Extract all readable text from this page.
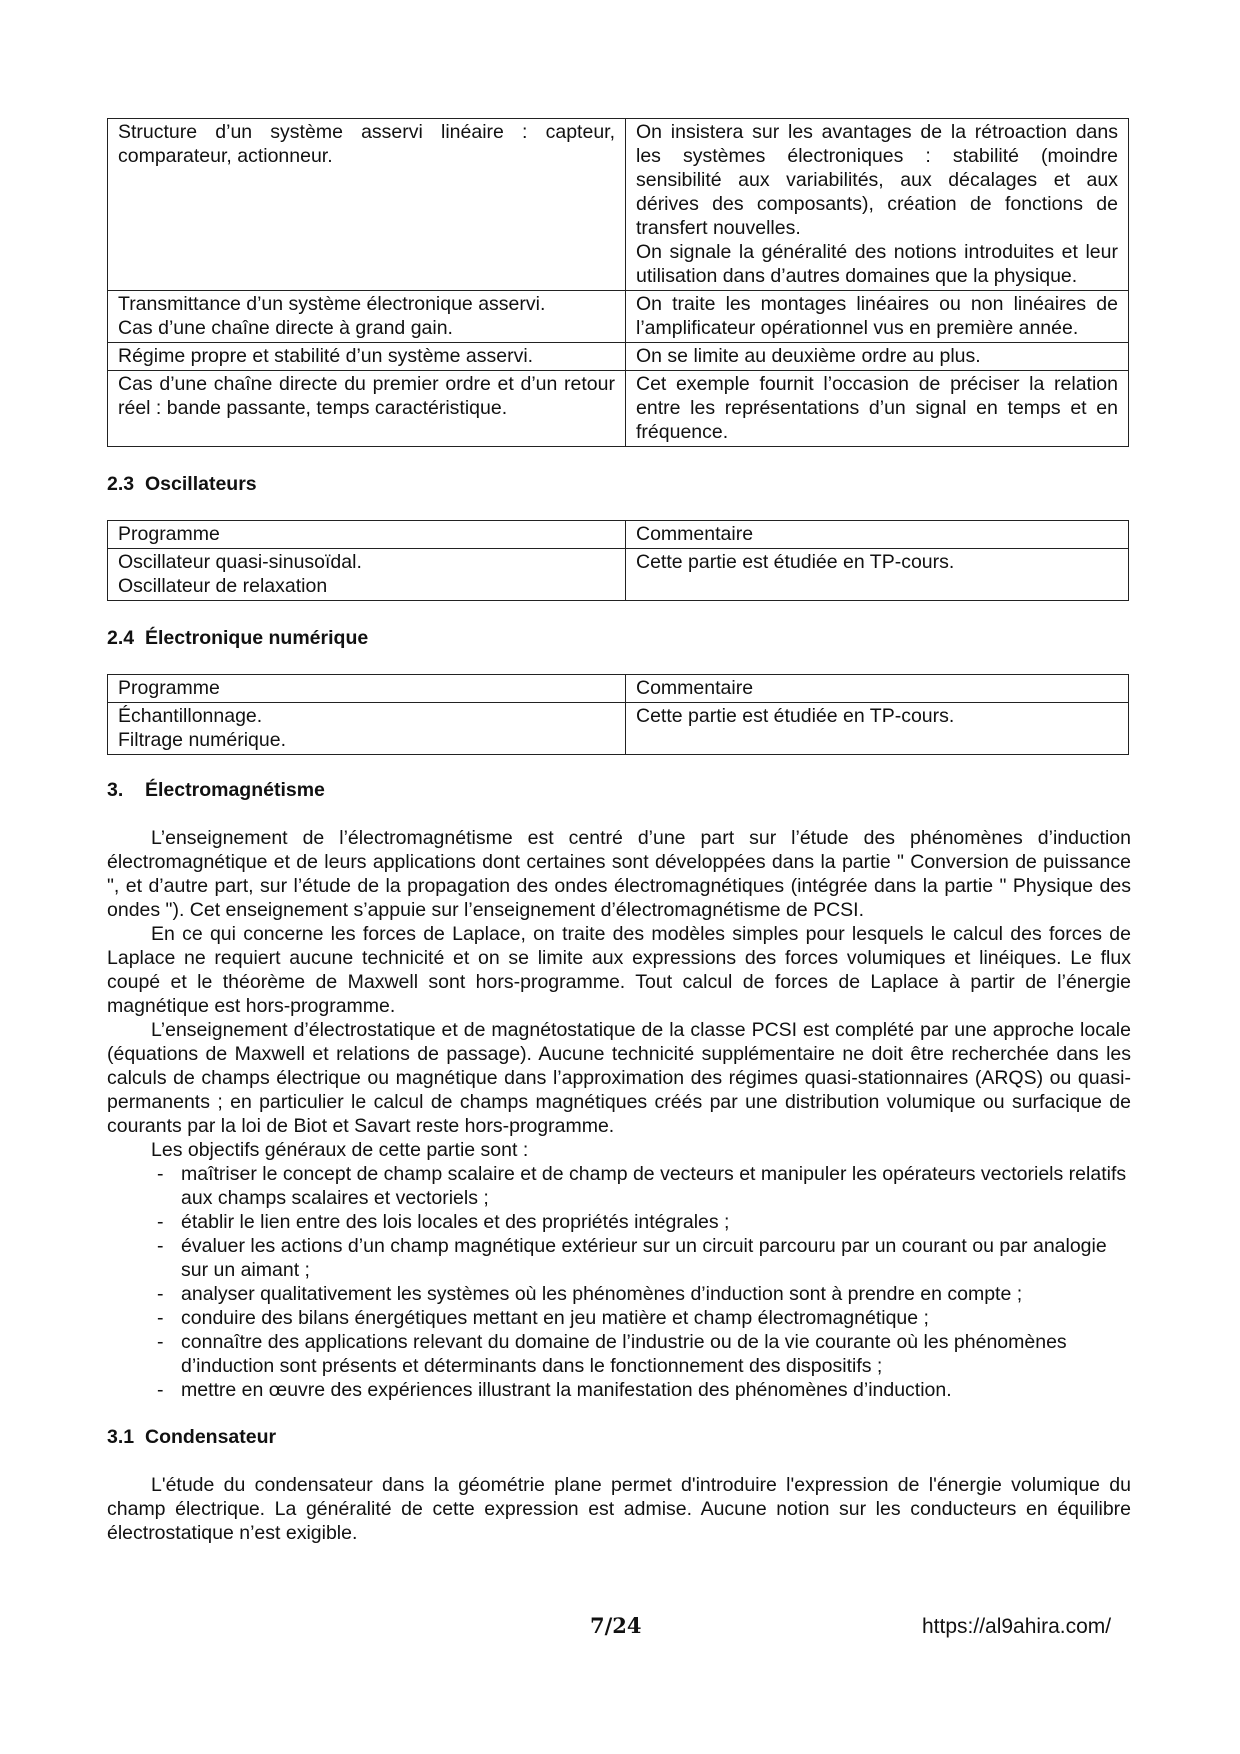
Structure d’un système asservi linéaire : capteur, comparateur, actionneur.	On insistera sur les avantages de la rétroaction dans les systèmes électroniques : stabilité (moindre sensibilité aux variabilités, aux décalages et aux dérives des composants), création de fonctions de transfert nouvelles.
On signale la généralité des notions introduites et leur utilisation dans d’autres domaines que la physique.

Transmittance d’un système électronique asservi.
Cas d’une chaîne directe à grand gain.	On traite les montages linéaires ou non linéaires de l’amplificateur opérationnel vus en première année.

Régime propre et stabilité d’un système asservi.	On se limite au deuxième ordre au plus.

Cas d’une chaîne directe du premier ordre et d’un retour réel : bande passante, temps caractéristique.	Cet exemple fournit l’occasion de préciser la relation entre les représentations d’un signal en temps et en fréquence.
2.3 Oscillateurs
Programme	Commentaire

Oscillateur quasi-sinusoïdal.
Oscillateur de relaxation	Cette partie est étudiée en TP-cours.
2.4 Électronique numérique
Programme	Commentaire

Échantillonnage.
Filtrage numérique.	Cette partie est étudiée en TP-cours.
3. Électromagnétisme

L’enseignement de l’électromagnétisme est centré d’une part sur l’étude des phénomènes d’induction électromagnétique et de leurs applications dont certaines sont développées dans la partie " Conversion de puissance ", et d’autre part, sur l’étude de la propagation des ondes électromagnétiques (intégrée dans la partie " Physique des ondes "). Cet enseignement s’appuie sur l’enseignement d’électromagnétisme de PCSI.

En ce qui concerne les forces de Laplace, on traite des modèles simples pour lesquels le calcul des forces de Laplace ne requiert aucune technicité et on se limite aux expressions des forces volumiques et linéiques. Le flux coupé et le théorème de Maxwell sont hors-programme. Tout calcul de forces de Laplace à partir de l’énergie magnétique est hors-programme.

L’enseignement d’électrostatique et de magnétostatique de la classe PCSI est complété par une approche locale (équations de Maxwell et relations de passage). Aucune technicité supplémentaire ne doit être recherchée dans les calculs de champs électrique ou magnétique dans l’approximation des régimes quasi-stationnaires (ARQS) ou quasi-permanents ; en particulier le calcul de champs magnétiques créés par une distribution volumique ou surfacique de courants par la loi de Biot et Savart reste hors-programme.

Les objectifs généraux de cette partie sont :

- maîtriser le concept de champ scalaire et de champ de vecteurs et manipuler les opérateurs vectoriels relatifs aux champs scalaires et vectoriels ;
- établir le lien entre des lois locales et des propriétés intégrales ;
- évaluer les actions d’un champ magnétique extérieur sur un circuit parcouru par un courant ou par analogie sur un aimant ;
- analyser qualitativement les systèmes où les phénomènes d’induction sont à prendre en compte ;
- conduire des bilans énergétiques mettant en jeu matière et champ électromagnétique ;
- connaître des applications relevant du domaine de l’industrie ou de la vie courante où les phénomènes d’induction sont présents et déterminants dans le fonctionnement des dispositifs ;
- mettre en œuvre des expériences illustrant la manifestation des phénomènes d’induction.
3.1 Condensateur

L'étude du condensateur dans la géométrie plane permet d'introduire l'expression de l'énergie volumique du champ électrique. La généralité de cette expression est admise. Aucune notion sur les conducteurs en équilibre électrostatique n’est exigible.

7/24	https://al9ahira.com/
